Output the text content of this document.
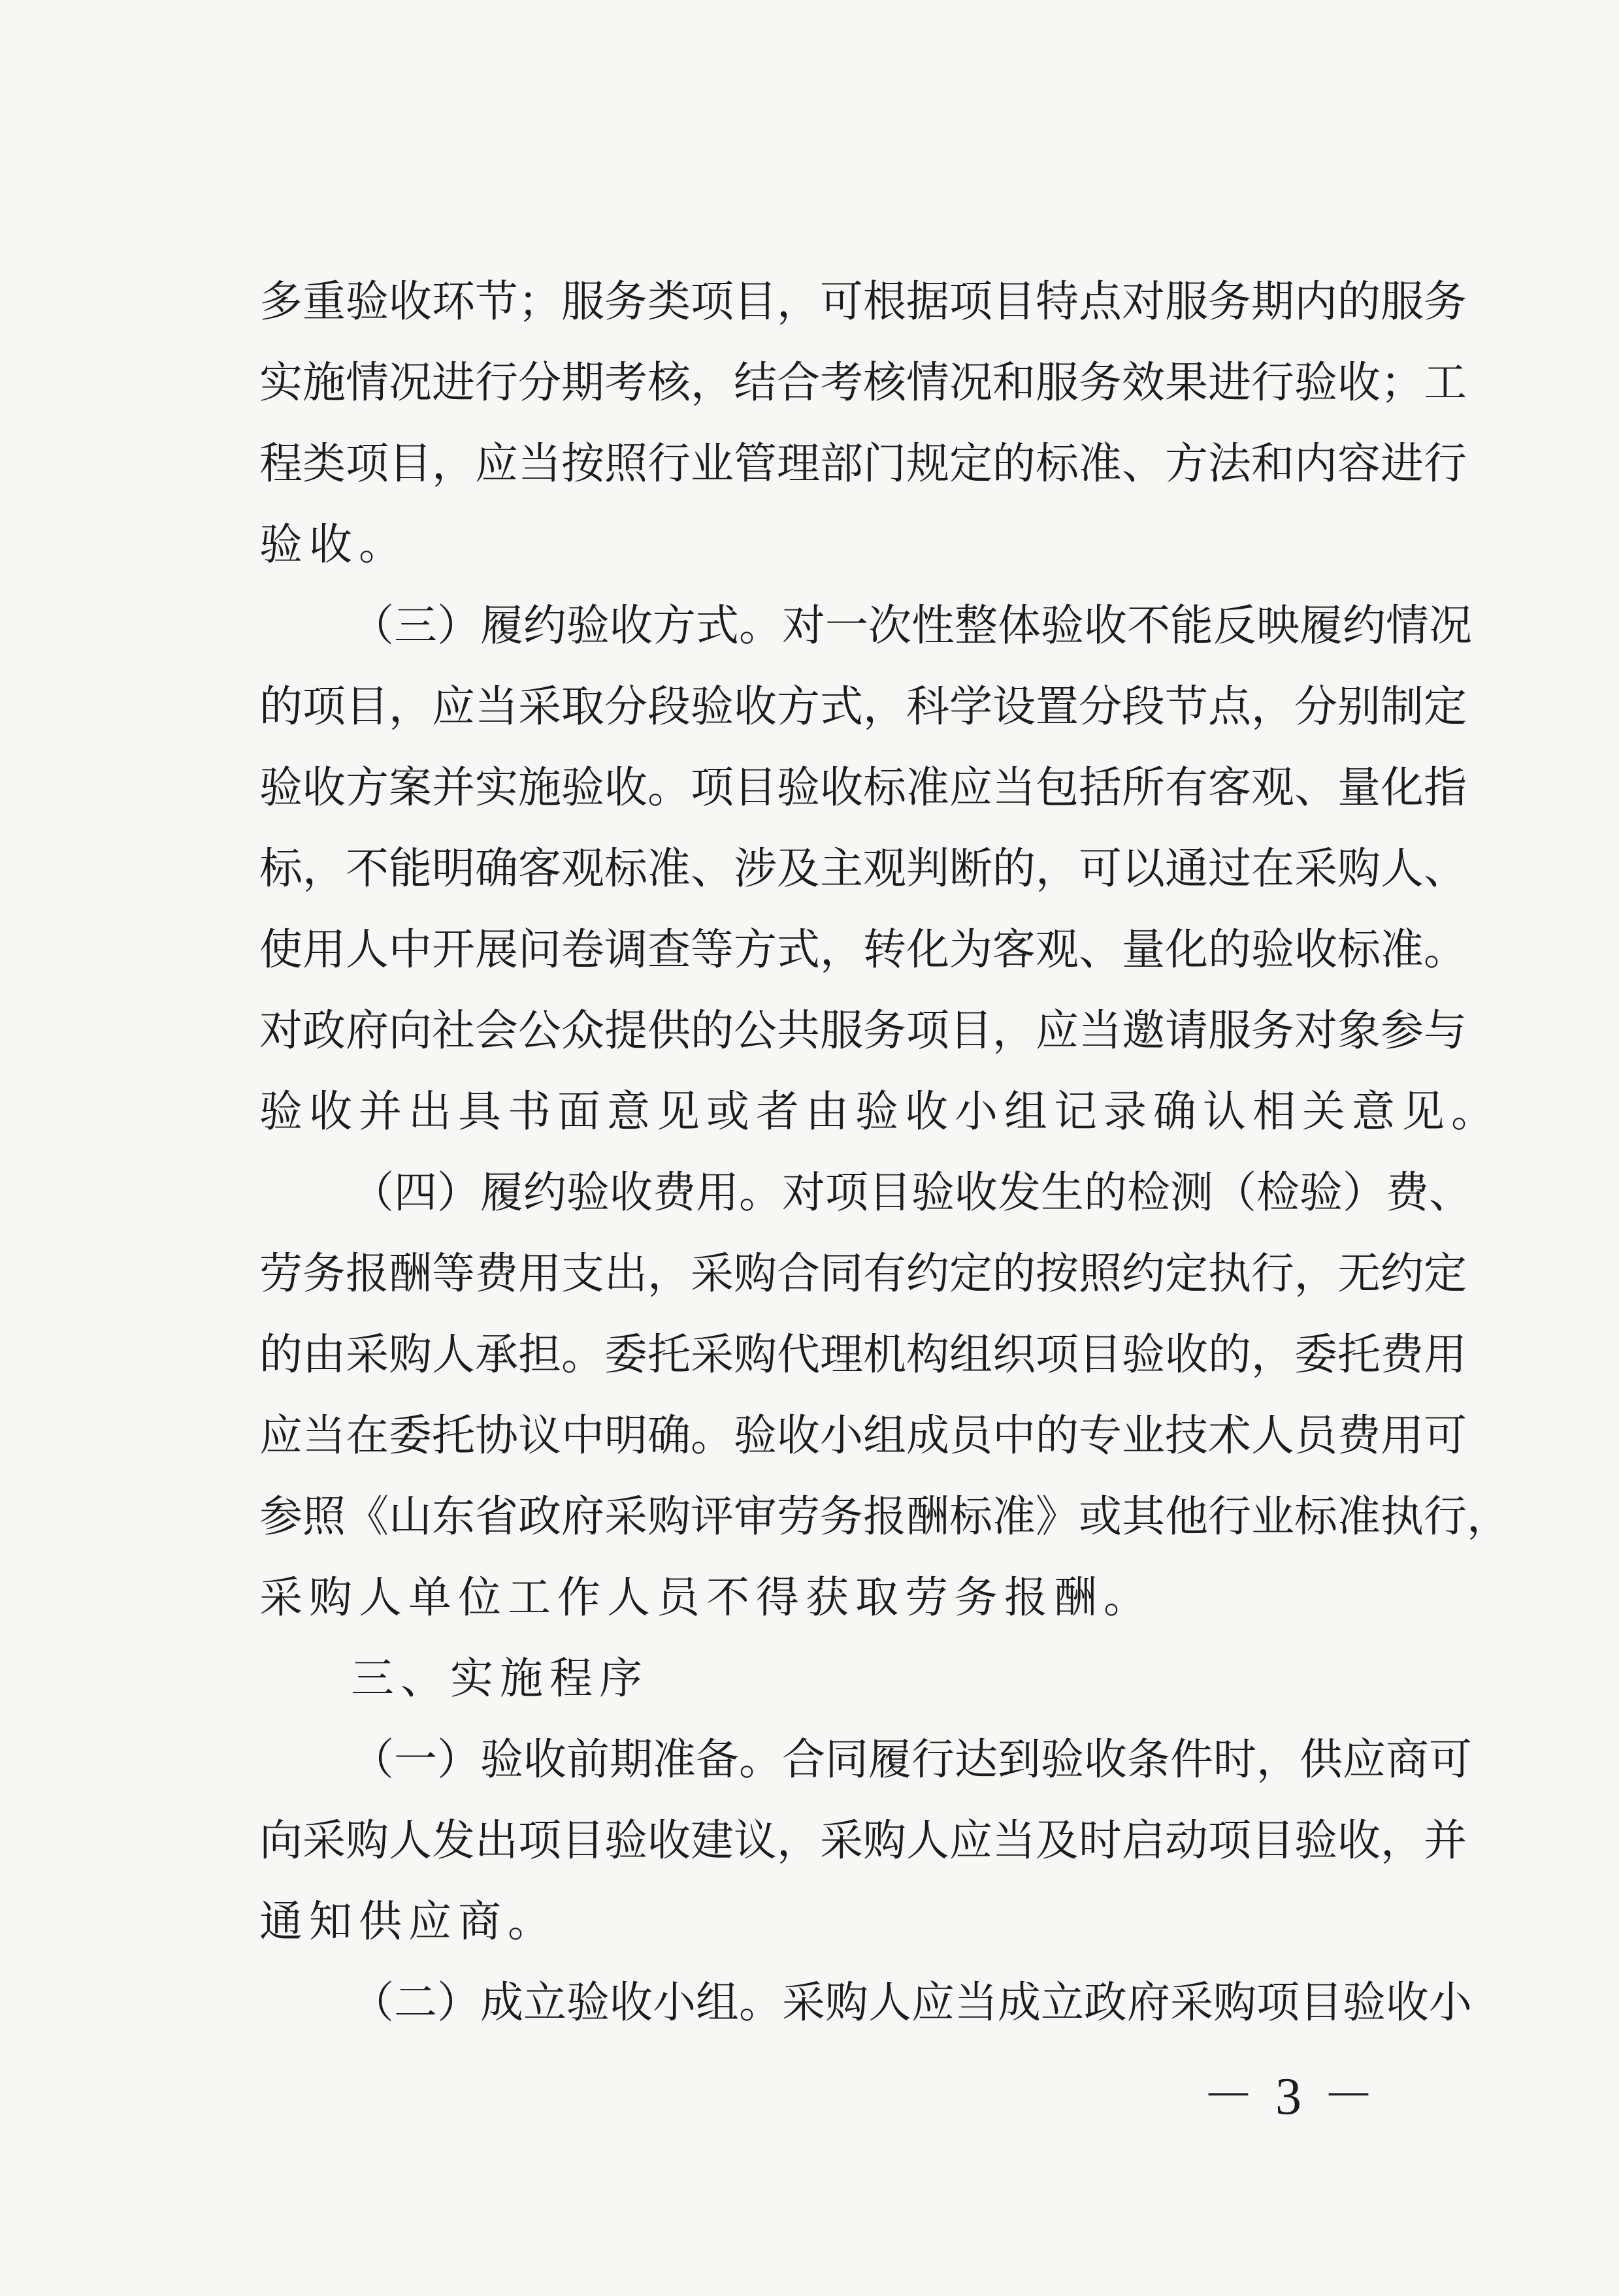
多重验收环节；服务类项目，可根据项目特点对服务期内的服务
实施情况进行分期考核，结合考核情况和服务效果进行验收；工
程类项目，应当按照行业管理部门规定的标准、方法和内容进行
验收。
（三）履约验收方式。对一次性整体验收不能反映履约情况
的项目，应当采取分段验收方式，科学设置分段节点，分别制定
验收方案并实施验收。项目验收标准应当包括所有客观、量化指
标，不能明确客观标准、涉及主观判断的，可以通过在采购人、
使用人中开展问卷调查等方式，转化为客观、量化的验收标准。
对政府向社会公众提供的公共服务项目，应当邀请服务对象参与
验收并出具书面意见或者由验收小组记录确认相关意见。
（四）履约验收费用。对项目验收发生的检测（检验）费、
劳务报酬等费用支出，采购合同有约定的按照约定执行，无约定
的由采购人承担。委托采购代理机构组织项目验收的，委托费用
应当在委托协议中明确。验收小组成员中的专业技术人员费用可
参照《山东省政府采购评审劳务报酬标准》或其他行业标准执行，
采购人单位工作人员不得获取劳务报酬。
三、实施程序
（一）验收前期准备。合同履行达到验收条件时，供应商可
向采购人发出项目验收建议，采购人应当及时启动项目验收，并
通知供应商。
（二）成立验收小组。采购人应当成立政府采购项目验收小
－ 3 －
